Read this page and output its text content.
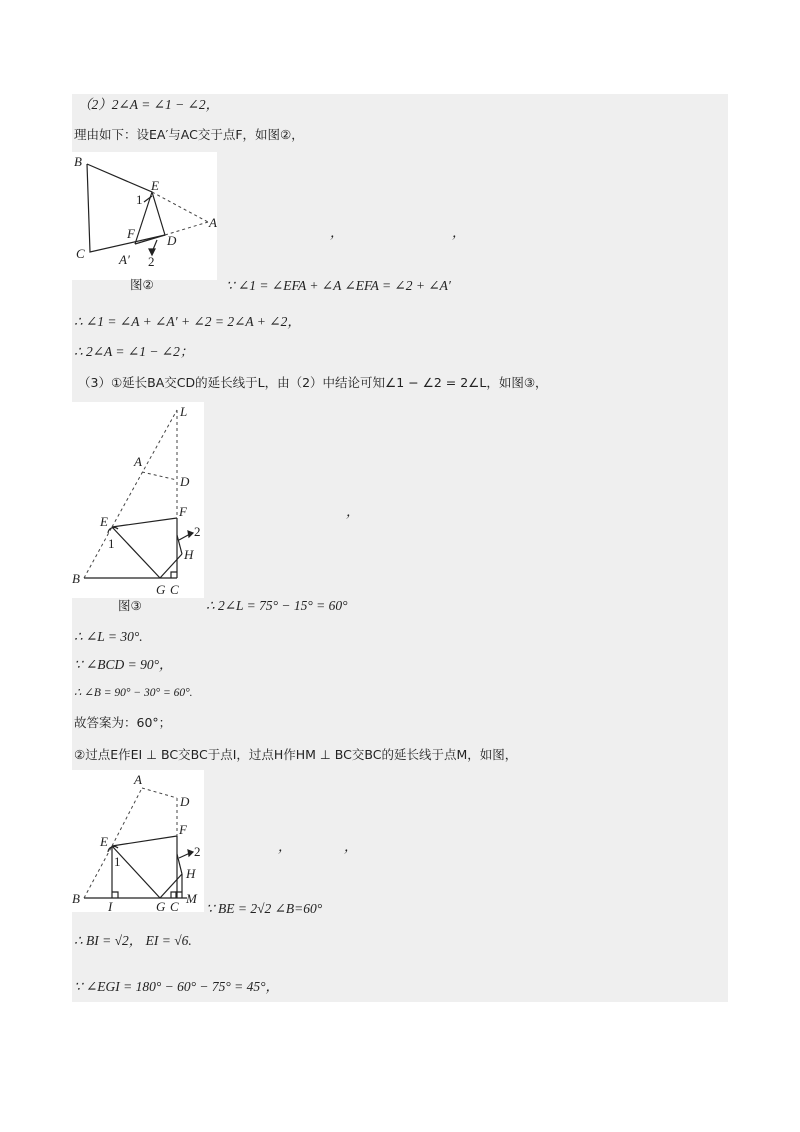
（2）2∠A = ∠1 − ∠2，
理由如下：设EA′与AC交于点F，如图②，
B
E
1
A
F D
C	A′ 2
图②
，	，
∵ ∠1 = ∠EFA + ∠A ∠EFA = ∠2 + ∠A′
∴ ∠1 = ∠A + ∠A′ + ∠2 = 2∠A + ∠2，
∴ 2∠A = ∠1 − ∠2；
（3）①延长BA交CD的延长线于L，由（2）中结论可知∠1 − ∠2 = 2∠L，如图③，
L
A
D
E
F
1
2
H
B
G C
图③
，
∴ 2∠L = 75° − 15° = 60°
∴ ∠L = 30°.
∵ ∠BCD = 90°，
∴ ∠B = 90° − 30° = 60°.
故答案为：60°；
②过点E作EI ⊥ BC交BC于点I，过点H作HM ⊥ BC交BC的延长线于点M，如图，
A
D
E
F
1
2
H
B
I	G C
M
，	，
∵ BE = 2√2 ∠B=60°
∴ BI = √2， EI = √6.
∵ ∠EGI = 180° − 60° − 75° = 45°，
